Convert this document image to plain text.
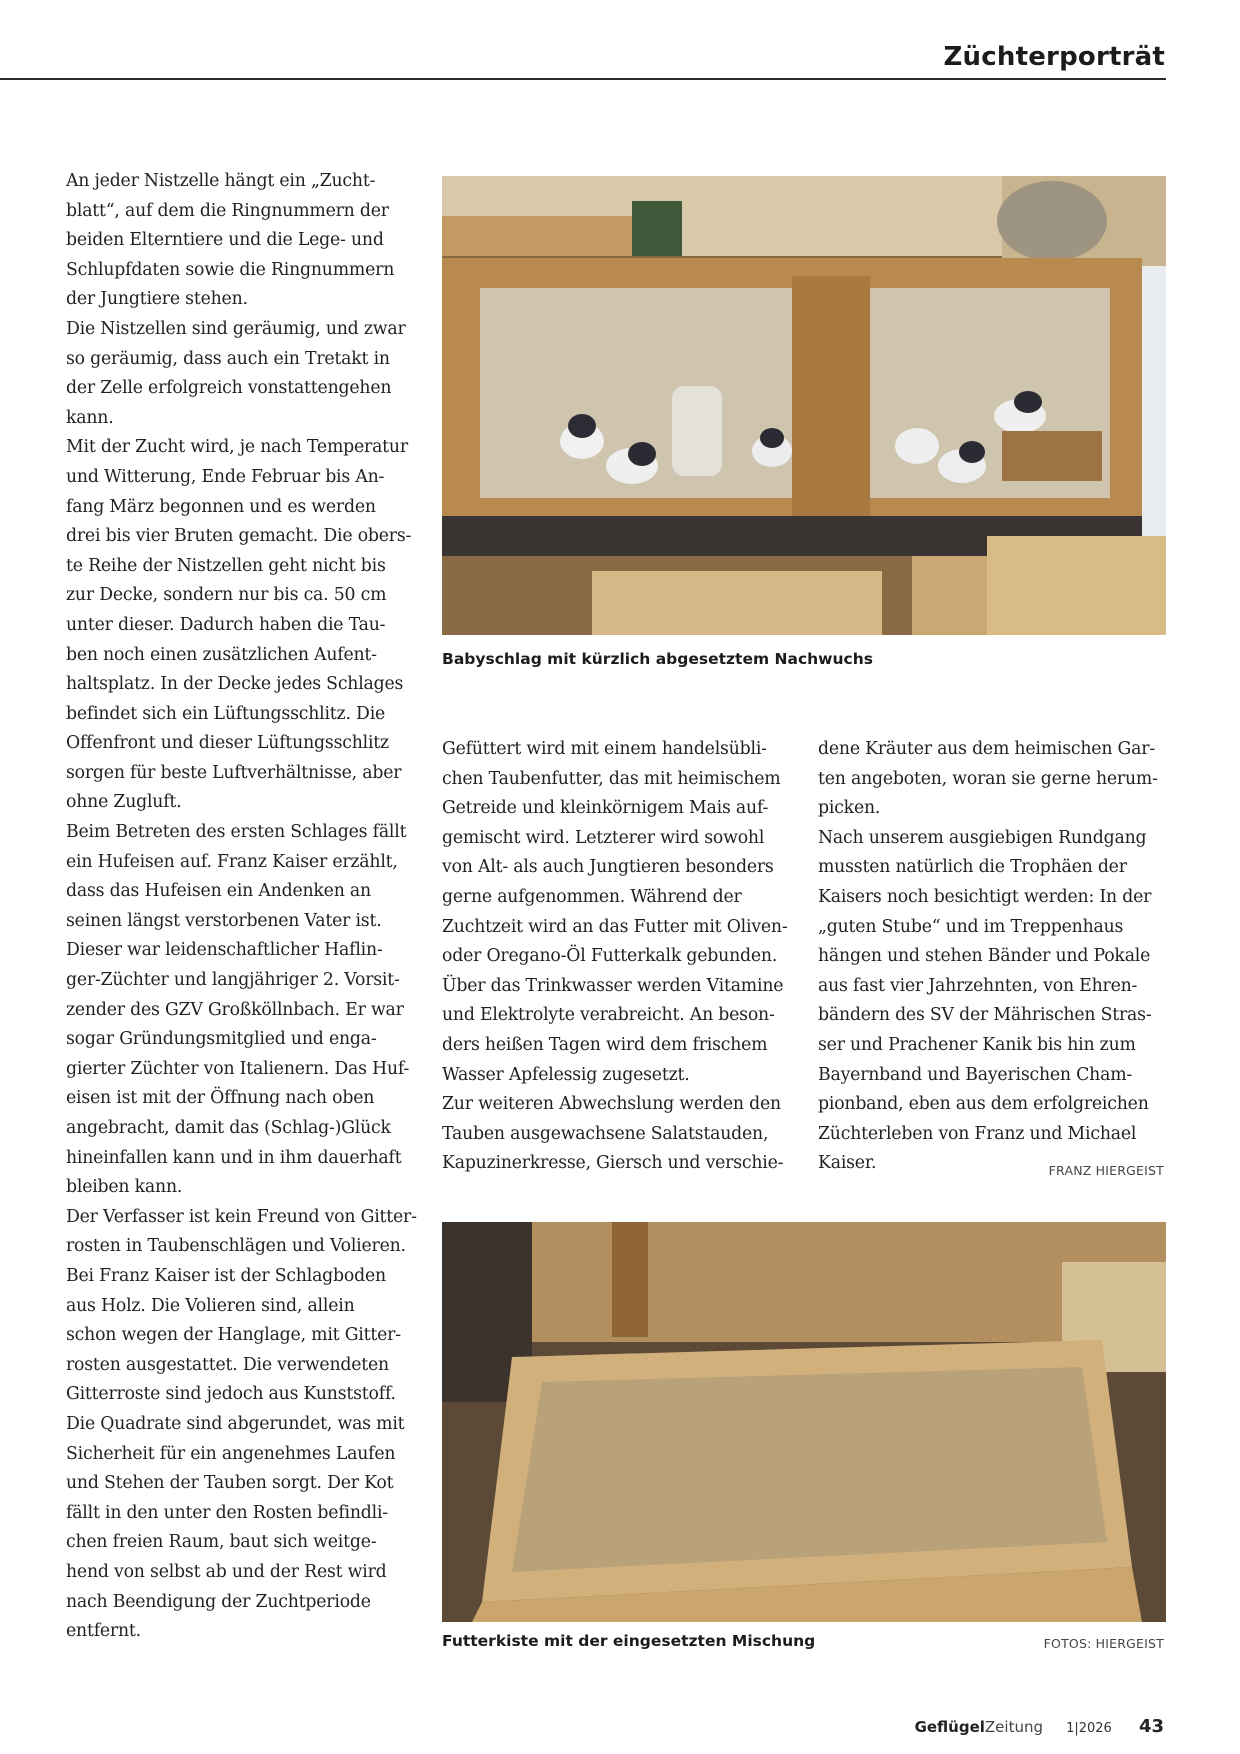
Züchterporträt

An jeder Nistzelle hängt ein „Zucht-

blatt“, auf dem die Ringnummern der

beiden Elterntiere und die Lege- und

Schlupfdaten sowie die Ringnummern

der Jungtiere stehen.

Die Nistzellen sind geräumig, und zwar

so geräumig, dass auch ein Tretakt in

der Zelle erfolgreich vonstattengehen

kann.

Mit der Zucht wird, je nach Temperatur

und Witterung, Ende Februar bis An-

fang März begonnen und es werden

drei bis vier Bruten gemacht. Die obers-

te Reihe der Nistzellen geht nicht bis

zur Decke, sondern nur bis ca. 50 cm

unter dieser. Dadurch haben die Tau-

ben noch einen zusätzlichen Aufent-

haltsplatz. In der Decke jedes Schlages

befindet sich ein Lüftungsschlitz. Die

Offenfront und dieser Lüftungsschlitz

sorgen für beste Luftverhältnisse, aber

ohne Zugluft.

Beim Betreten des ersten Schlages fällt

ein Hufeisen auf. Franz Kaiser erzählt,

dass das Hufeisen ein Andenken an

seinen längst verstorbenen Vater ist.

Dieser war leidenschaftlicher Haflin-

ger-Züchter und langjähriger 2. Vorsit-

zender des GZV Großköllnbach. Er war

sogar Gründungsmitglied und enga-

gierter Züchter von Italienern. Das Huf-

eisen ist mit der Öffnung nach oben

angebracht, damit das (Schlag-)Glück

hineinfallen kann und in ihm dauerhaft

bleiben kann.

Der Verfasser ist kein Freund von Gitter-

rosten in Taubenschlägen und Volieren.

Bei Franz Kaiser ist der Schlagboden

aus Holz. Die Volieren sind, allein

schon wegen der Hanglage, mit Gitter-

rosten ausgestattet. Die verwendeten

Gitterroste sind jedoch aus Kunststoff.

Die Quadrate sind abgerundet, was mit

Sicherheit für ein angenehmes Laufen

und Stehen der Tauben sorgt. Der Kot

fällt in den unter den Rosten befindli-

chen freien Raum, baut sich weitge-

hend von selbst ab und der Rest wird

nach Beendigung der Zuchtperiode

entfernt.

Babyschlag mit kürzlich abgesetztem Nachwuchs

Gefüttert wird mit einem handelsübli-

chen Taubenfutter, das mit heimischem

Getreide und kleinkörnigem Mais auf-

gemischt wird. Letzterer wird sowohl

von Alt- als auch Jungtieren besonders

gerne aufgenommen. Während der

Zuchtzeit wird an das Futter mit Oliven-

oder Oregano-Öl Futterkalk gebunden.

Über das Trinkwasser werden Vitamine

und Elektrolyte verabreicht. An beson-

ders heißen Tagen wird dem frischem

Wasser Apfelessig zugesetzt.

Zur weiteren Abwechslung werden den

Tauben ausgewachsene Salatstauden,

Kapuzinerkresse, Giersch und verschie-

dene Kräuter aus dem heimischen Gar-

ten angeboten, woran sie gerne herum-

picken.

Nach unserem ausgiebigen Rundgang

mussten natürlich die Trophäen der

Kaisers noch besichtigt werden: In der

„guten Stube“ und im Treppenhaus

hängen und stehen Bänder und Pokale

aus fast vier Jahrzehnten, von Ehren-

bändern des SV der Mährischen Stras-

ser und Prachener Kanik bis hin zum

Bayernband und Bayerischen Cham-

pionband, eben aus dem erfolgreichen

Züchterleben von Franz und Michael

Kaiser.	FRANZ HIERGEIST
Futterkiste mit der eingesetzten Mischung	FOTOS: HIERGEIST
GeflügelZeitung 1|2026 43
